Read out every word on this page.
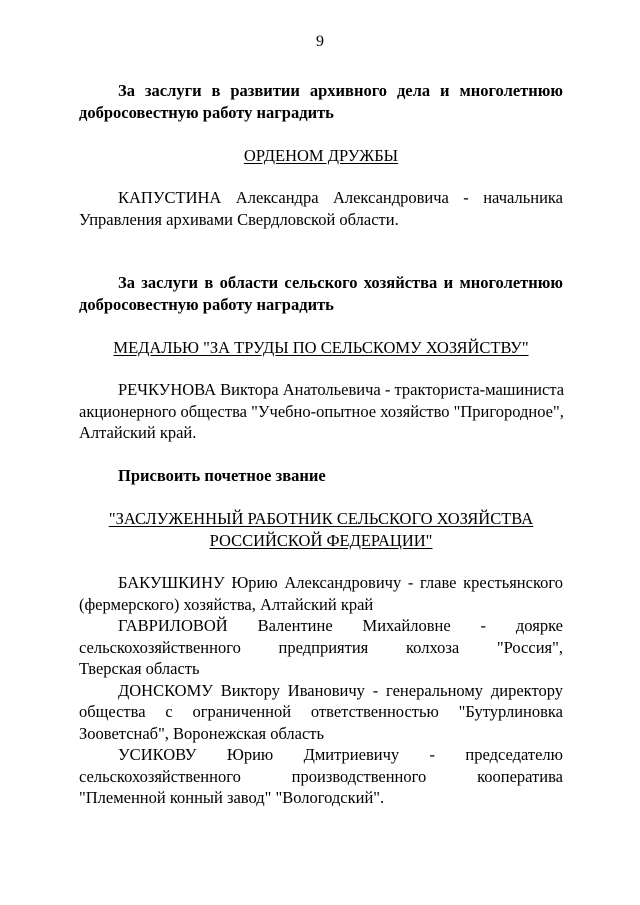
9
За заслуги в развитии архивного дела и многолетнюю
добросовестную работу наградить
ОРДЕНОМ ДРУЖБЫ
КАПУСТИНА Александра Александровича - начальника
Управления архивами Свердловской области.
За заслуги в области сельского хозяйства и многолетнюю
добросовестную работу наградить
МЕДАЛЬЮ "ЗА ТРУДЫ ПО СЕЛЬСКОМУ ХОЗЯЙСТВУ"
РЕЧКУНОВА Виктора Анатольевича - тракториста-машиниста
акционерного общества "Учебно-опытное хозяйство "Пригородное",
Алтайский край.
Присвоить почетное звание
"ЗАСЛУЖЕННЫЙ РАБОТНИК СЕЛЬСКОГО ХОЗЯЙСТВА
РОССИЙСКОЙ ФЕДЕРАЦИИ"
БАКУШКИНУ Юрию Александровичу - главе крестьянского
(фермерского) хозяйства, Алтайский край
ГАВРИЛОВОЙ Валентине Михайловне - доярке
сельскохозяйственного предприятия колхоза "Россия",
Тверская область
ДОНСКОМУ Виктору Ивановичу - генеральному директору
общества с ограниченной ответственностью "Бутурлиновка
Зооветснаб", Воронежская область
УСИКОВУ Юрию Дмитриевичу - председателю
сельскохозяйственного производственного кооператива
"Племенной конный завод" "Вологодский".
